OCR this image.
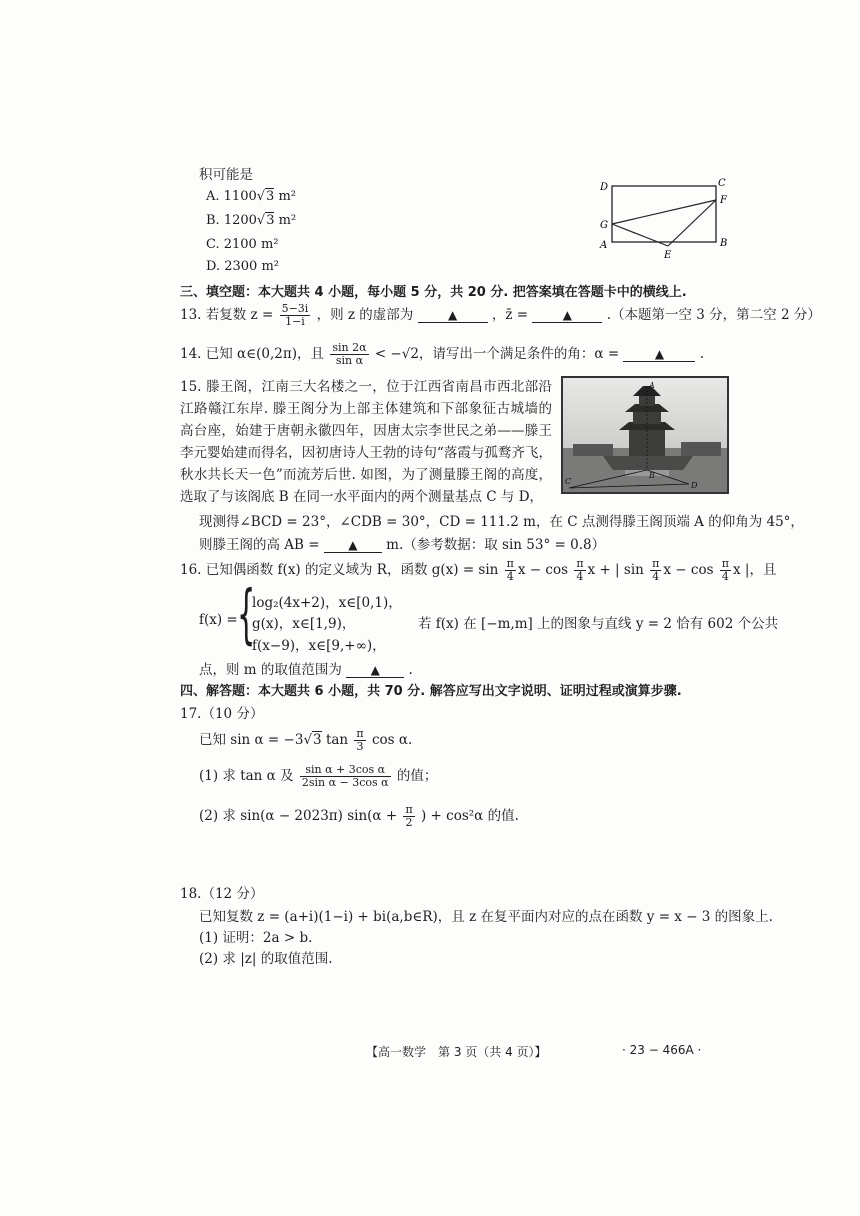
积可能是
A. 1100√3 m²
B. 1200√3 m²
C. 2100 m²
D. 2300 m²
D	C
F
G
A
E
B
三、填空题：本大题共 4 小题，每小题 5 分，共 20 分. 把答案填在答题卡中的横线上.
13. 若复数 $z = \frac{5-3i}{1-i}$ ，则 z 的虚部为	▲	，z̄ =	▲	.（本题第一空 3 分，第二空 2 分）
14. 已知 α∈(0,2π)，且 $\frac{\sin 2\alpha}{\text{sin α}} < -√2$，请写出一个满足条件的角：α =	▲	.
15. 滕王阁，江南三大名楼之一，位于江西省南昌市西北部沿江路赣江东岸. 滕王阁分为上部主体建筑和下部象征古城墙的高台座，始建于唐朝永徽四年，因唐太宗李世民之弟——滕王李元婴始建而得名，因初唐诗人王勃的诗句“落霞与孤鹜齐飞，秋水共长天一色”而流芳后世. 如图，为了测量滕王阁的高度，选取了与该阁底 B 在同一水平面内的两个测量基点 C 与 D，
A
B
C	D
现测得∠BCD = 23°，∠CDB = 30°，CD = 111.2 m，在 C 点测得滕王阁顶端 A 的仰角为 45°，
则滕王阁的高 AB = ▲ m.（参考数据：取 sin 53° = 0.8）
16. 已知偶函数 f(x) 的定义域为 R，函数 $g(x) = \sin \frac{\pi}{4}$ $x - \cos \frac{\pi}{4}$ x + | $\sin \frac{\pi}{4}$ $x - \cos \frac{\pi}{4}$ x |，且
f(x) = {
log₂(4x+2)，x∈[0,1)，
g(x)，x∈[1,9)，
f(x−9)，x∈[9,+∞)，
若 f(x) 在 [−m,m] 上的图象与直线 y = 2 恰有 602 个公共
点，则 m 的取值范围为 ▲ .
四、解答题：本大题共 6 小题，共 70 分. 解答应写出文字说明、证明过程或演算步骤.
17.（10 分）
已知 sin α = −3√3 $\tan \frac{\pi}{3}$ cos α.
(1) 求 tan α 及 $\frac{\text{sin α + 3cos α}}{\text{2sin α − 3cos α}}$ 的值；
(2) 求 sin(α − 2023π) $\sin(\alpha + \frac{\pi}{2}$ ) + cos²α 的值.
18.（12 分）
已知复数 z = (a+i)(1−i) + bi(a,b∈R)，且 z 在复平面内对应的点在函数 y = x − 3 的图象上.
(1) 证明：2a > b.
(2) 求 |z| 的取值范围.
【高一数学　第 3 页（共 4 页）】	· 23 − 466A ·
